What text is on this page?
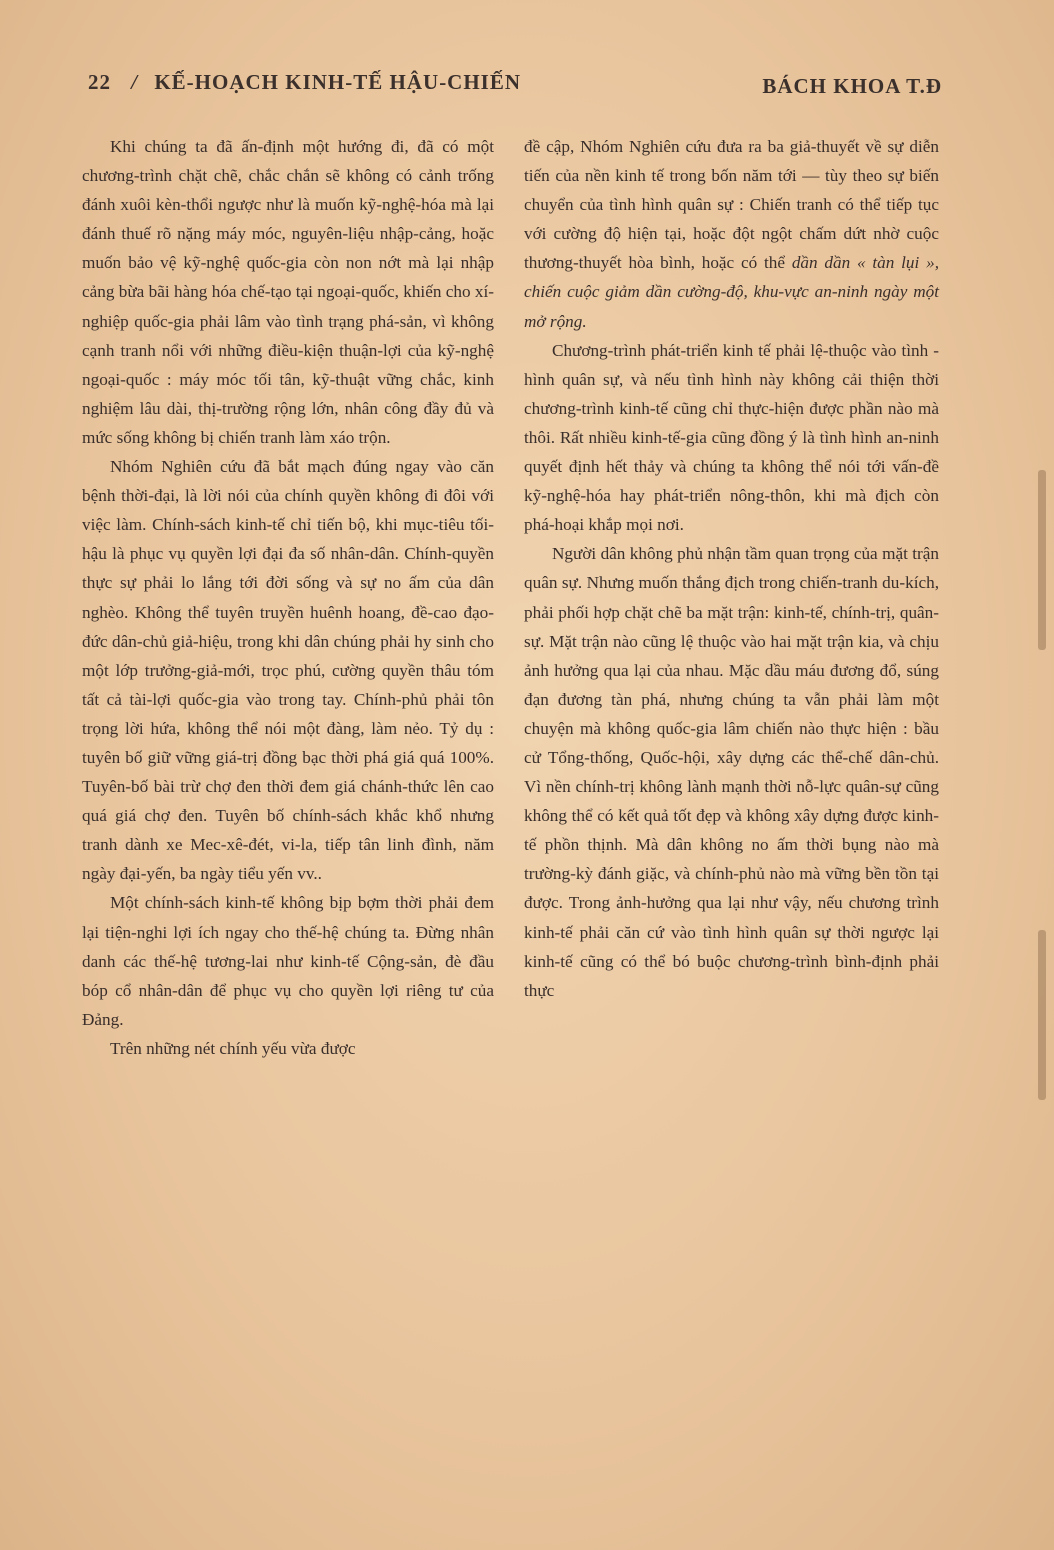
22 / KẾ-HOẠCH KINH-TẾ HẬU-CHIẾN	BÁCH KHOA T.Đ

Khi chúng ta đã ấn-định một hướng đi, đã có một chương-trình chặt chẽ, chắc chắn sẽ không có cảnh trống đánh xuôi kèn-thổi ngược như là muốn kỹ-nghệ-hóa mà lại đánh thuế rõ nặng máy móc, nguyên-liệu nhập-cảng, hoặc muốn bảo vệ kỹ-nghệ quốc-gia còn non nớt mà lại nhập cảng bừa bãi hàng hóa chế-tạo tại ngoại-quốc, khiến cho xí-nghiệp quốc-gia phải lâm vào tình trạng phá-sản, vì không cạnh tranh nổi với những điều-kiện thuận-lợi của kỹ-nghệ ngoại-quốc : máy móc tối tân, kỹ-thuật vững chắc, kinh nghiệm lâu dài, thị-trường rộng lớn, nhân công đầy đủ và mức sống không bị chiến tranh làm xáo trộn.

Nhóm Nghiên cứu đã bắt mạch đúng ngay vào căn bệnh thời-đại, là lời nói của chính quyền không đi đôi với việc làm. Chính-sách kinh-tế chỉ tiến bộ, khi mục-tiêu tối-hậu là phục vụ quyền lợi đại đa số nhân-dân. Chính-quyền thực sự phải lo lắng tới đời sống và sự no ấm của dân nghèo. Không thể tuyên truyền huênh hoang, đề-cao đạo-đức dân-chủ giả-hiệu, trong khi dân chúng phải hy sinh cho một lớp trưởng-giả-mới, trọc phú, cường quyền thâu tóm tất cả tài-lợi quốc-gia vào trong tay. Chính-phủ phải tôn trọng lời hứa, không thể nói một đàng, làm nẻo. Tỷ dụ : tuyên bố giữ vững giá-trị đồng bạc thời phá giá quá 100%. Tuyên-bố bài trừ chợ đen thời đem giá chánh-thức lên cao quá giá chợ đen. Tuyên bố chính-sách khắc khổ nhưng tranh dành xe Mec-xê-đét, vi-la, tiếp tân linh đình, năm ngày đại-yến, ba ngày tiểu yến vv..

Một chính-sách kinh-tế không bịp bợm thời phải đem lại tiện-nghi lợi ích ngay cho thế-hệ chúng ta. Đừng nhân danh các thế-hệ tương-lai như kinh-tế Cộng-sản, đè đầu bóp cổ nhân-dân để phục vụ cho quyền lợi riêng tư của Đảng.

Trên những nét chính yếu vừa được

đề cập, Nhóm Nghiên cứu đưa ra ba giả-thuyết về sự diễn tiến của nền kinh tế trong bốn năm tới — tùy theo sự biến chuyển của tình hình quân sự : Chiến tranh có thể tiếp tục với cường độ hiện tại, hoặc đột ngột chấm dứt nhờ cuộc thương-thuyết hòa bình, hoặc có thể dần dần « tàn lụi », chiến cuộc giảm dần cường-độ, khu-vực an-ninh ngày một mở rộng.

Chương-trình phát-triển kinh tế phải lệ-thuộc vào tình - hình quân sự, và nếu tình hình này không cải thiện thời chương-trình kinh-tế cũng chỉ thực-hiện được phần nào mà thôi. Rất nhiều kinh-tế-gia cũng đồng ý là tình hình an-ninh quyết định hết thảy và chúng ta không thể nói tới vấn-đề kỹ-nghệ-hóa hay phát-triển nông-thôn, khi mà địch còn phá-hoại khắp mọi nơi.

Người dân không phủ nhận tầm quan trọng của mặt trận quân sự. Nhưng muốn thắng địch trong chiến-tranh du-kích, phải phối hợp chặt chẽ ba mặt trận: kinh-tế, chính-trị, quân-sự. Mặt trận nào cũng lệ thuộc vào hai mặt trận kia, và chịu ảnh hưởng qua lại của nhau. Mặc dầu máu đương đổ, súng đạn đương tàn phá, nhưng chúng ta vẫn phải làm một chuyện mà không quốc-gia lâm chiến nào thực hiện : bầu cử Tổng-thống, Quốc-hội, xây dựng các thể-chế dân-chủ. Vì nền chính-trị không lành mạnh thời nỗ-lực quân-sự cũng không thể có kết quả tốt đẹp và không xây dựng được kinh-tế phồn thịnh. Mà dân không no ấm thời bụng nào mà trường-kỳ đánh giặc, và chính-phủ nào mà vững bền tồn tại được. Trong ảnh-hưởng qua lại như vậy, nếu chương trình kinh-tế phải căn cứ vào tình hình quân sự thời ngược lại kinh-tế cũng có thể bó buộc chương-trình bình-định phải thực
